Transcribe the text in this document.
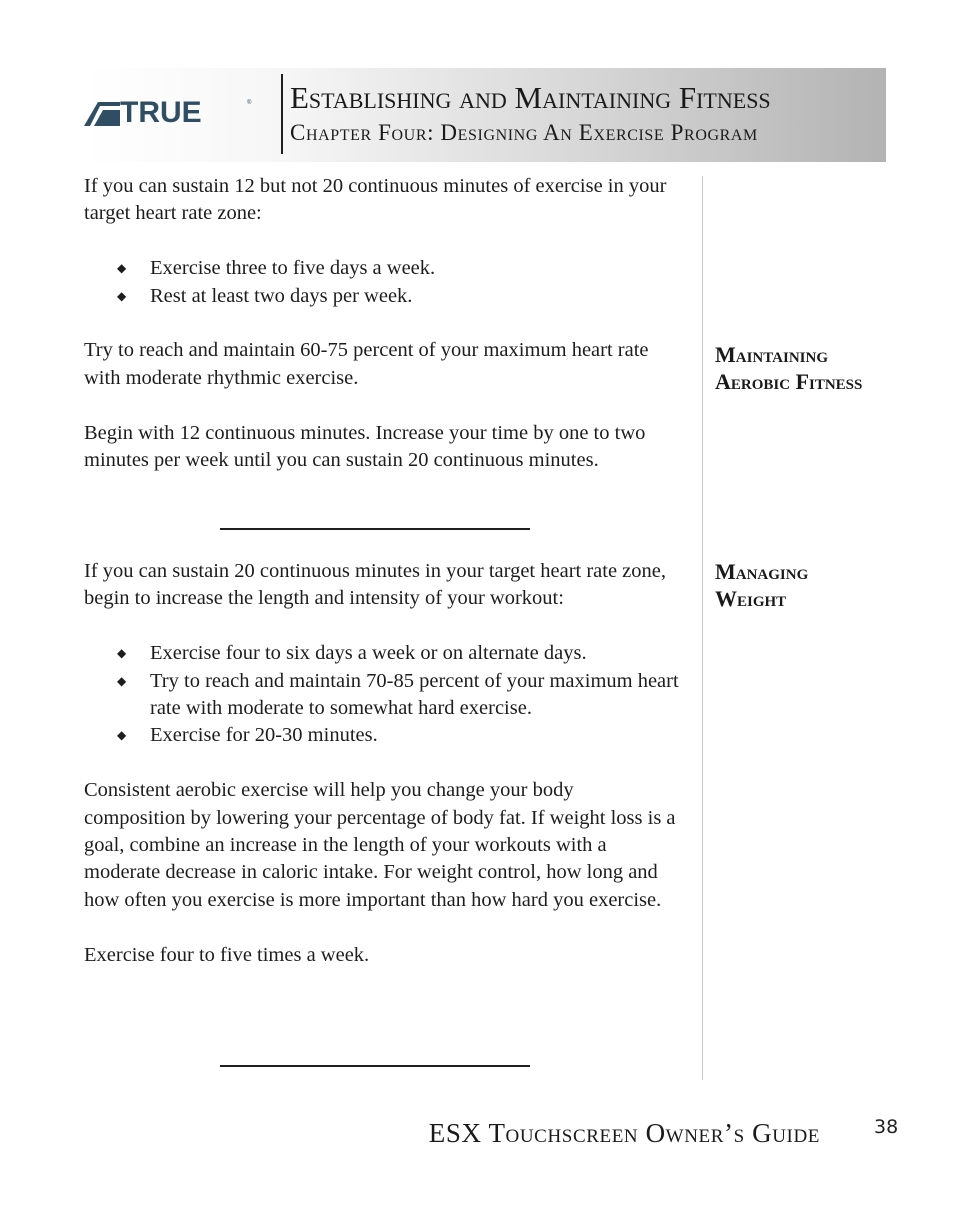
TRUE	® Establishing and Maintaining Fitness
Chapter Four: Designing An Exercise Program

If you can sustain 12 but not 20 continuous minutes of exercise in your target heart rate zone:

◆ Exercise three to five days a week.
◆ Rest at least two days per week.

Try to reach and maintain 60-75 percent of your maximum heart rate with moderate rhythmic exercise.

Begin with 12 continuous minutes. Increase your time by one to two minutes per week until you can sustain 20 continuous minutes.

If you can sustain 20 continuous minutes in your target heart rate zone, begin to increase the length and intensity of your workout:

◆ Exercise four to six days a week or on alternate days.
◆ Try to reach and maintain 70-85 percent of your maximum heart rate with moderate to somewhat hard exercise.
◆ Exercise for 20-30 minutes.

Consistent aerobic exercise will help you change your body composition by lowering your percentage of body fat. If weight loss is a goal, combine an increase in the length of your workouts with a moderate decrease in caloric intake. For weight control, how long and how often you exercise is more important than how hard you exercise.

Exercise four to five times a week.

Maintaining Aerobic Fitness
Managing Weight
ESX Touchscreen Owner’s Guide	38
